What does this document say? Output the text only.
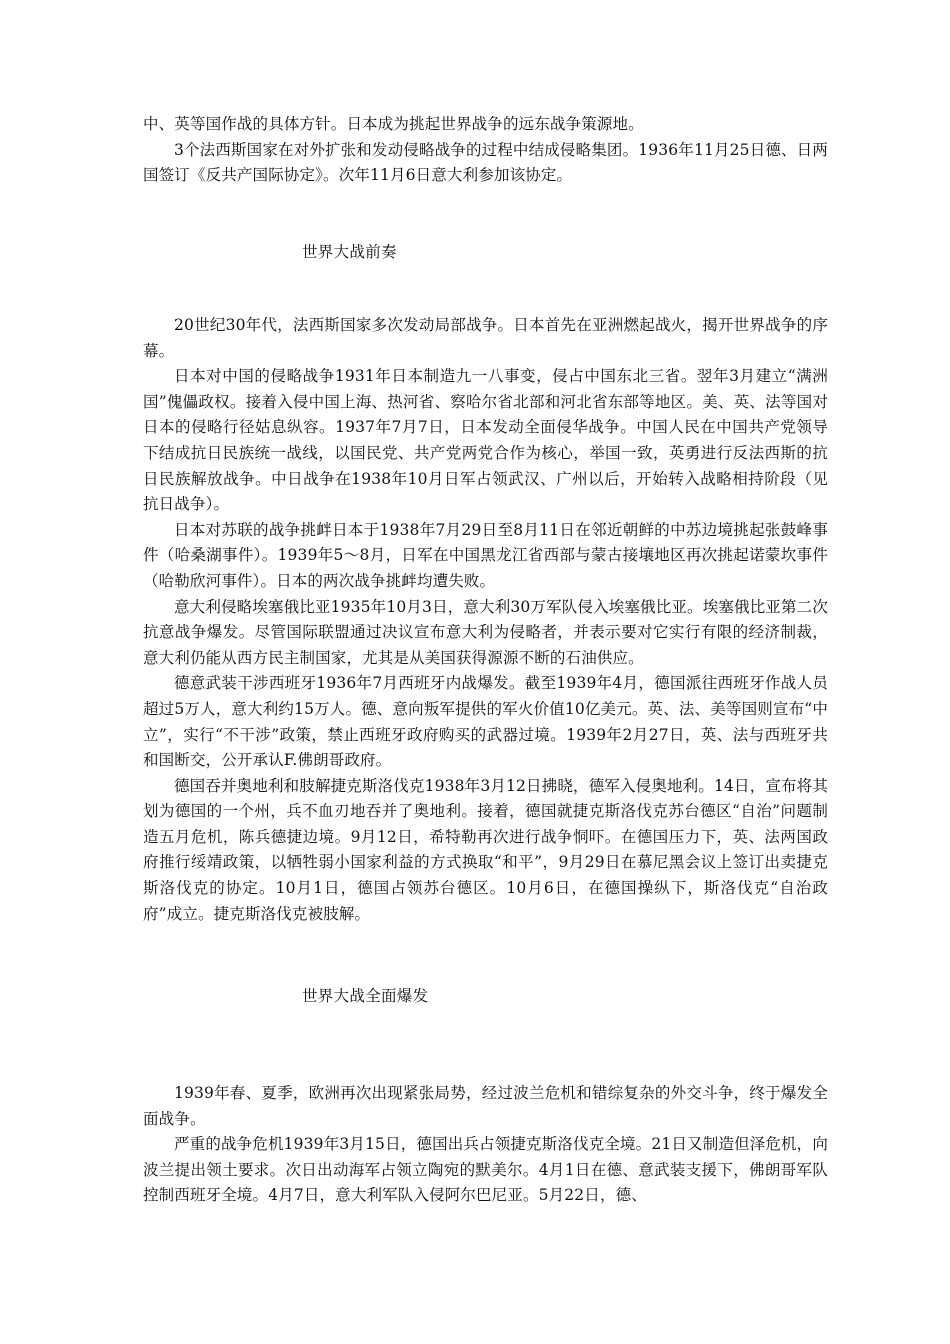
中、英等国作战的具体方针。日本成为挑起世界战争的远东战争策源地。

3个法西斯国家在对外扩张和发动侵略战争的过程中结成侵略集团。1936年11月25日德、日两国签订《反共产国际协定》。次年11月6日意大利参加该协定。

世界大战前奏

20世纪30年代，法西斯国家多次发动局部战争。日本首先在亚洲燃起战火，揭开世界战争的序幕。

日本对中国的侵略战争1931年日本制造九一八事变，侵占中国东北三省。翌年3月建立“满洲国”傀儡政权。接着入侵中国上海、热河省、察哈尔省北部和河北省东部等地区。美、英、法等国对日本的侵略行径姑息纵容。1937年7月7日，日本发动全面侵华战争。中国人民在中国共产党领导下结成抗日民族统一战线，以国民党、共产党两党合作为核心，举国一致，英勇进行反法西斯的抗日民族解放战争。中日战争在1938年10月日军占领武汉、广州以后，开始转入战略相持阶段（见抗日战争）。

日本对苏联的战争挑衅日本于1938年7月29日至8月11日在邻近朝鲜的中苏边境挑起张鼓峰事件（哈桑湖事件）。1939年5～8月，日军在中国黑龙江省西部与蒙古接壤地区再次挑起诺蒙坎事件（哈勒欣河事件）。日本的两次战争挑衅均遭失败。

意大利侵略埃塞俄比亚1935年10月3日，意大利30万军队侵入埃塞俄比亚。埃塞俄比亚第二次抗意战争爆发。尽管国际联盟通过决议宣布意大利为侵略者，并表示要对它实行有限的经济制裁，意大利仍能从西方民主制国家，尤其是从美国获得源源不断的石油供应。

德意武装干涉西班牙1936年7月西班牙内战爆发。截至1939年4月，德国派往西班牙作战人员超过5万人，意大利约15万人。德、意向叛军提供的军火价值10亿美元。英、法、美等国则宣布“中立”，实行“不干涉”政策，禁止西班牙政府购买的武器过境。1939年2月27日，英、法与西班牙共和国断交，公开承认F.佛朗哥政府。

德国吞并奥地利和肢解捷克斯洛伐克1938年3月12日拂晓，德军入侵奥地利。14日，宣布将其划为德国的一个州，兵不血刃地吞并了奥地利。接着，德国就捷克斯洛伐克苏台德区“自治”问题制造五月危机，陈兵德捷边境。9月12日，希特勒再次进行战争恫吓。在德国压力下，英、法两国政府推行绥靖政策，以牺牲弱小国家利益的方式换取“和平”，9月29日在慕尼黑会议上签订出卖捷克斯洛伐克的协定。10月1日，德国占领苏台德区。10月6日，在德国操纵下，斯洛伐克“自治政府”成立。捷克斯洛伐克被肢解。

世界大战全面爆发

1939年春、夏季，欧洲再次出现紧张局势，经过波兰危机和错综复杂的外交斗争，终于爆发全面战争。

严重的战争危机1939年3月15日，德国出兵占领捷克斯洛伐克全境。21日又制造但泽危机，向波兰提出领土要求。次日出动海军占领立陶宛的默美尔。4月1日在德、意武装支援下，佛朗哥军队控制西班牙全境。4月7日，意大利军队入侵阿尔巴尼亚。5月22日，德、
